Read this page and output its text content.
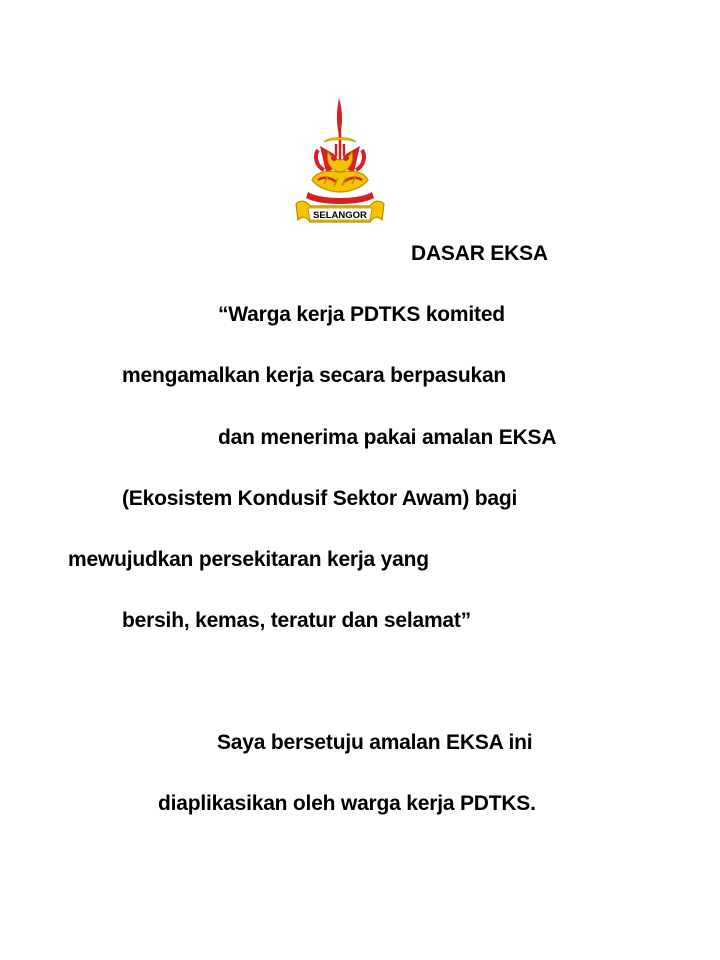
SELANGOR
DASAR EKSA
“Warga kerja PDTKS komited
mengamalkan kerja secara berpasukan
dan menerima pakai amalan EKSA
(Ekosistem Kondusif Sektor Awam) bagi
mewujudkan persekitaran kerja yang
bersih, kemas, teratur dan selamat”
Saya bersetuju amalan EKSA ini
diaplikasikan oleh warga kerja PDTKS.
